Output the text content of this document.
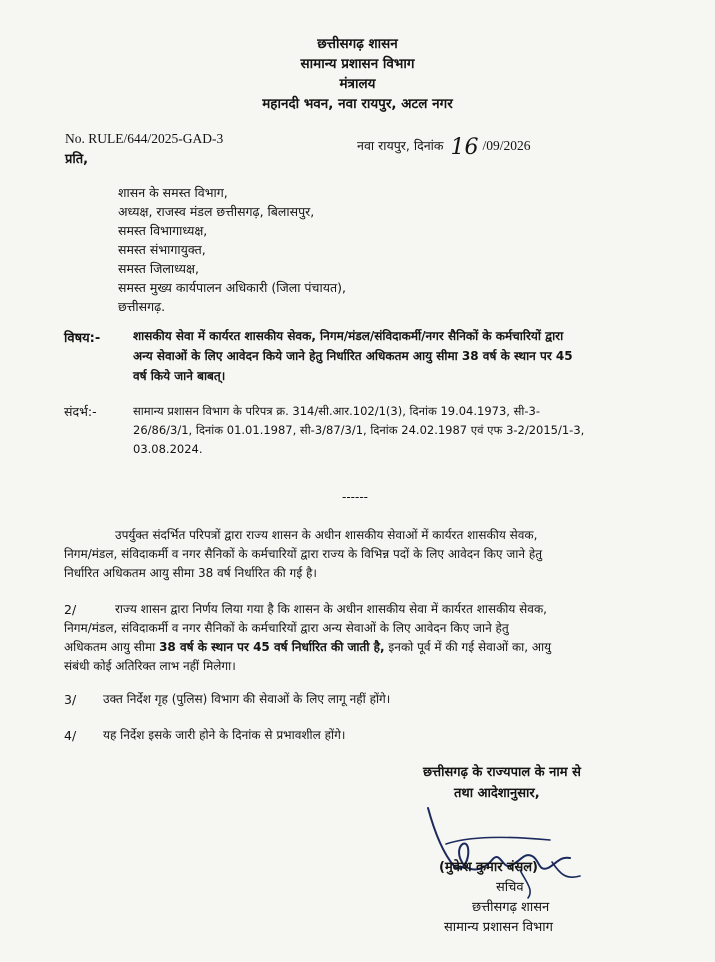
छत्तीसगढ़ शासन
सामान्य प्रशासन विभाग
मंत्रालय
महानदी भवन, नवा रायपुर, अटल नगर
No. RULE/644/2025-GAD-3	नवा रायपुर, दिनांक 16 /09/2026
प्रति,
शासन के समस्त विभाग,
अध्यक्ष, राजस्व मंडल छत्तीसगढ़, बिलासपुर,
समस्त विभागाध्यक्ष,
समस्त संभागायुक्त,
समस्त जिलाध्यक्ष,
समस्त मुख्य कार्यपालन अधिकारी (जिला पंचायत),
छत्तीसगढ़.
विषय:-	शासकीय सेवा में कार्यरत शासकीय सेवक, निगम/मंडल/संविदाकर्मी/नगर सैनिकों के कर्मचारियों द्वारा
अन्य सेवाओं के लिए आवेदन किये जाने हेतु निर्धारित अधिकतम आयु सीमा 38 वर्ष के स्थान पर 45
वर्ष किये जाने बाबत्।
संदर्भ:-	सामान्य प्रशासन विभाग के परिपत्र क्र. 314/सी.आर.102/1(3), दिनांक 19.04.1973, सी-3-
26/86/3/1, दिनांक 01.01.1987, सी-3/87/3/1, दिनांक 24.02.1987 एवं एफ 3-2/2015/1-3,
03.08.2024.
------
उपर्युक्त संदर्भित परिपत्रों द्वारा राज्य शासन के अधीन शासकीय सेवाओं में कार्यरत शासकीय सेवक,
निगम/मंडल, संविदाकर्मी व नगर सैनिकों के कर्मचारियों द्वारा राज्य के विभिन्न पदों के लिए आवेदन किए जाने हेतु
निर्धारित अधिकतम आयु सीमा 38 वर्ष निर्धारित की गई है।
2/	राज्य शासन द्वारा निर्णय लिया गया है कि शासन के अधीन शासकीय सेवा में कार्यरत शासकीय सेवक,
निगम/मंडल, संविदाकर्मी व नगर सैनिकों के कर्मचारियों द्वारा अन्य सेवाओं के लिए आवेदन किए जाने हेतु
अधिकतम आयु सीमा 38 वर्ष के स्थान पर 45 वर्ष निर्धारित की जाती है, इनको पूर्व में की गई सेवाओं का, आयु
संबंधी कोई अतिरिक्त लाभ नहीं मिलेगा।
3/ उक्त निर्देश गृह (पुलिस) विभाग की सेवाओं के लिए लागू नहीं होंगे।
4/ यह निर्देश इसके जारी होने के दिनांक से प्रभावशील होंगे।
छत्तीसगढ़ के राज्यपाल के नाम से
तथा आदेशानुसार,
(मुकेश कुमार बंसल)
सचिव
छत्तीसगढ़ शासन
सामान्य प्रशासन विभाग
